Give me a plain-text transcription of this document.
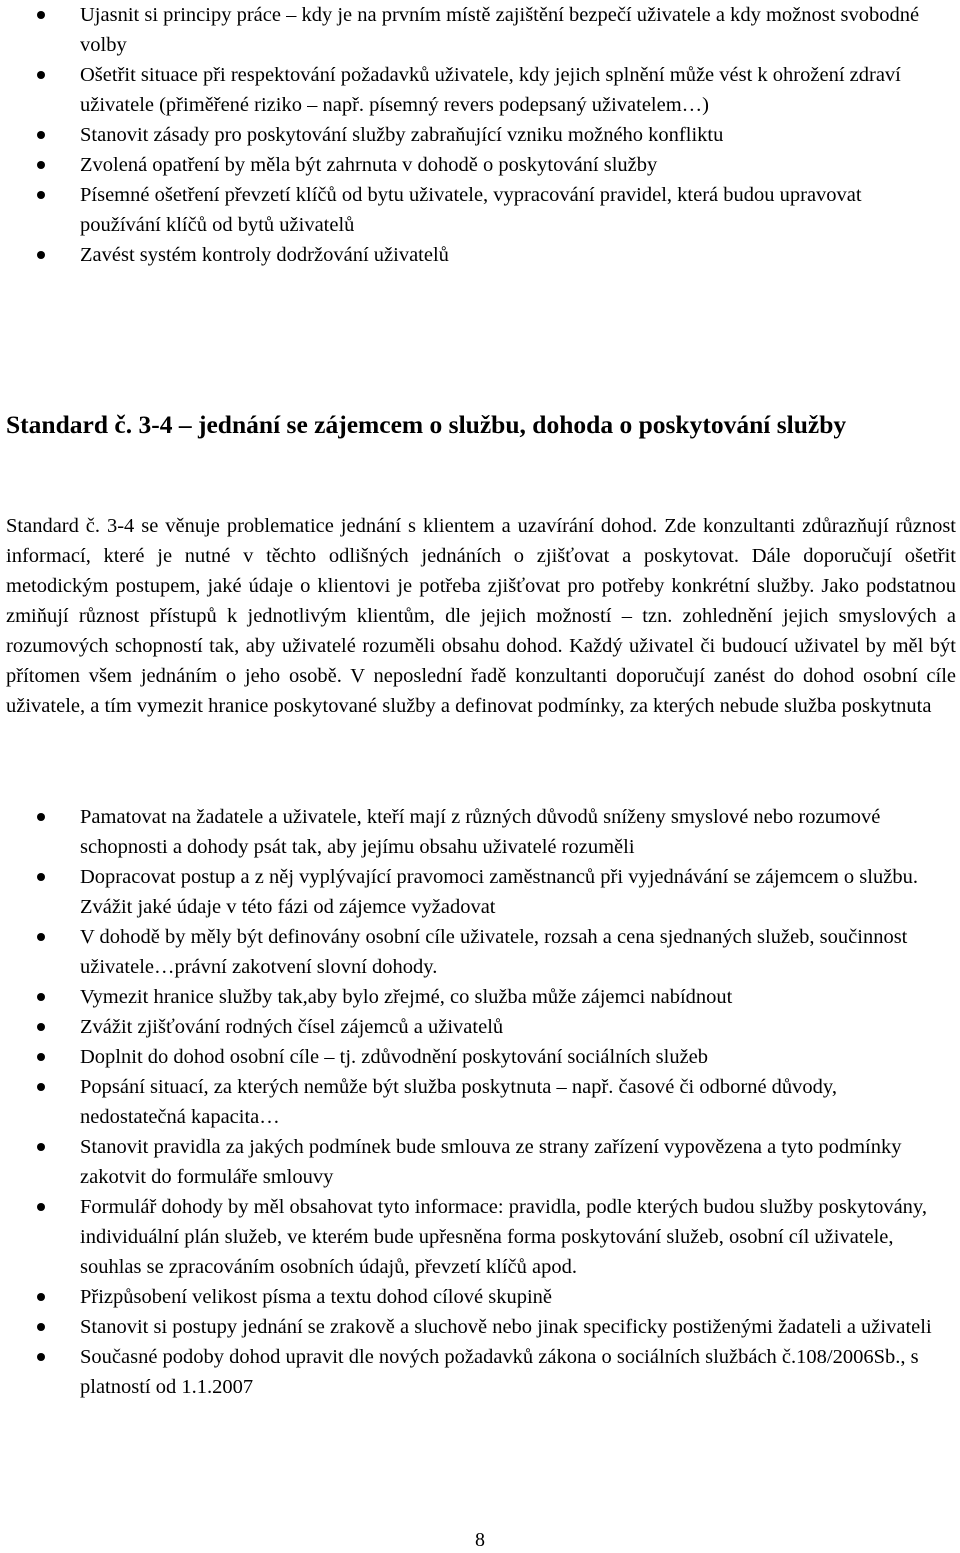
Ujasnit si principy práce – kdy je na prvním místě zajištění bezpečí uživatele a kdy možnost svobodné volby
Ošetřit situace při respektování požadavků uživatele, kdy jejich splnění může vést k ohrožení zdraví uživatele (přiměřené riziko – např. písemný revers podepsaný uživatelem…)
Stanovit zásady pro poskytování služby zabraňující vzniku možného konfliktu
Zvolená opatření by měla být zahrnuta v dohodě o poskytování služby
Písemné ošetření převzetí klíčů od bytu uživatele, vypracování pravidel, která budou upravovat používání klíčů od bytů uživatelů
Zavést systém kontroly dodržování uživatelů
Standard č. 3-4 – jednání se zájemcem o službu, dohoda o poskytování služby
Standard č. 3-4 se věnuje problematice jednání s klientem a uzavírání dohod. Zde konzultanti zdůrazňují různost informací, které je nutné v těchto odlišných jednáních o zjišťovat a poskytovat. Dále doporučují ošetřit metodickým postupem, jaké údaje o klientovi je potřeba zjišťovat pro potřeby konkrétní služby. Jako podstatnou zmiňují různost přístupů k jednotlivým klientům, dle jejich možností – tzn. zohlednění jejich smyslových a rozumových schopností tak, aby uživatelé rozuměli obsahu dohod. Každý uživatel či budoucí uživatel by měl být přítomen všem jednáním o jeho osobě. V neposlední řadě konzultanti doporučují zanést do dohod osobní cíle uživatele, a tím vymezit hranice poskytované služby a definovat podmínky, za kterých nebude služba poskytnuta
Pamatovat na žadatele a uživatele, kteří mají z různých důvodů sníženy smyslové nebo rozumové schopnosti a dohody psát tak, aby jejímu obsahu uživatelé rozuměli
Dopracovat postup a z něj vyplývající pravomoci zaměstnanců při vyjednávání se zájemcem o službu. Zvážit jaké údaje v této fázi od zájemce vyžadovat
V dohodě by měly být definovány osobní cíle uživatele, rozsah a cena sjednaných služeb, součinnost uživatele…právní zakotvení slovní dohody.
Vymezit hranice služby tak,aby bylo zřejmé, co služba může zájemci nabídnout
Zvážit zjišťování rodných čísel zájemců a uživatelů
Doplnit do dohod osobní cíle – tj. zdůvodnění poskytování sociálních služeb
Popsání situací, za kterých nemůže být služba poskytnuta – např. časové či odborné důvody, nedostatečná kapacita…
Stanovit pravidla za jakých podmínek bude smlouva ze strany zařízení vypovězena a tyto podmínky zakotvit do formuláře smlouvy
Formulář dohody by měl obsahovat tyto informace: pravidla, podle kterých budou služby poskytovány, individuální plán služeb, ve kterém bude upřesněna forma poskytování služeb, osobní cíl uživatele, souhlas se zpracováním osobních údajů, převzetí klíčů apod.
Přizpůsobení velikost písma a textu dohod cílové skupině
Stanovit si postupy jednání se zrakově a sluchově nebo jinak specificky postiženými žadateli a uživateli
Současné podoby dohod upravit dle nových požadavků zákona o sociálních službách č.108/2006Sb., s platností od 1.1.2007
8
